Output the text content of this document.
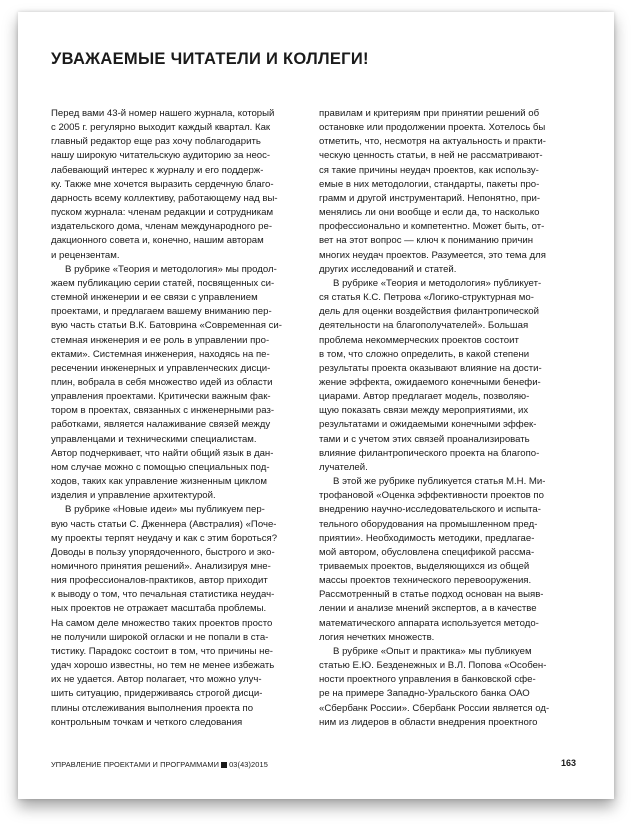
УВАЖАЕМЫЕ ЧИТАТЕЛИ И КОЛЛЕГИ!

Перед вами 43-й номер нашего журнала, который
с 2005 г. регулярно выходит каждый квартал. Как
главный редактор еще раз хочу поблагодарить
нашу широкую читательскую аудиторию за неос-
лабевающий интерес к журналу и его поддерж-
ку. Также мне хочется выразить сердечную благо-
дарность всему коллективу, работающему над вы-
пуском журнала: членам редакции и сотрудникам
издательского дома, членам международного ре-
дакционного совета и, конечно, нашим авторам
и рецензентам.

В рубрике «Теория и методология» мы продол-
жаем публикацию серии статей, посвященных си-
стемной инженерии и ее связи с управлением
проектами, и предлагаем вашему вниманию пер-
вую часть статьи В.К. Батоврина «Современная си-
стемная инженерия и ее роль в управлении про-
ектами». Системная инженерия, находясь на пе-
ресечении инженерных и управленческих дисци-
плин, вобрала в себя множество идей из области
управления проектами. Критически важным фак-
тором в проектах, связанных с инженерными раз-
работками, является налаживание связей между
управленцами и техническими специалистам.
Автор подчеркивает, что найти общий язык в дан-
ном случае можно с помощью специальных под-
ходов, таких как управление жизненным циклом
изделия и управление архитектурой.

В рубрике «Новые идеи» мы публикуем пер-
вую часть статьи С. Дженнера (Австралия) «Поче-
му проекты терпят неудачу и как с этим бороться?
Доводы в пользу упорядоченного, быстрого и эко-
номичного принятия решений». Анализируя мне-
ния профессионалов-практиков, автор приходит
к выводу о том, что печальная статистика неудач-
ных проектов не отражает масштаба проблемы.
На самом деле множество таких проектов просто
не получили широкой огласки и не попали в ста-
тистику. Парадокс состоит в том, что причины не-
удач хорошо известны, но тем не менее избежать
их не удается. Автор полагает, что можно улуч-
шить ситуацию, придерживаясь строгой дисци-
плины отслеживания выполнения проекта по
контрольным точкам и четкого следования

правилам и критериям при принятии решений об
остановке или продолжении проекта. Хотелось бы
отметить, что, несмотря на актуальность и практи-
ческую ценность статьи, в ней не рассматривают-
ся такие причины неудач проектов, как использу-
емые в них методологии, стандарты, пакеты про-
грамм и другой инструментарий. Непонятно, при-
менялись ли они вообще и если да, то насколько
профессионально и компетентно. Может быть, от-
вет на этот вопрос — ключ к пониманию причин
многих неудач проектов. Разумеется, это тема для
других исследований и статей.

В рубрике «Теория и методология» публикует-
ся статья К.С. Петрова «Логико-структурная мо-
дель для оценки воздействия филантропической
деятельности на благополучателей». Большая
проблема некоммерческих проектов состоит
в том, что сложно определить, в какой степени
результаты проекта оказывают влияние на дости-
жение эффекта, ожидаемого конечными бенефи-
циарами. Автор предлагает модель, позволяю-
щую показать связи между мероприятиями, их
результатами и ожидаемыми конечными эффек-
тами и с учетом этих связей проанализировать
влияние филантропического проекта на благопо-
лучателей.

В этой же рубрике публикуется статья М.Н. Ми-
трофановой «Оценка эффективности проектов по
внедрению научно-исследовательского и испыта-
тельного оборудования на промышленном пред-
приятии». Необходимость методики, предлагае-
мой автором, обусловлена спецификой рассма-
триваемых проектов, выделяющихся из общей
массы проектов технического перевооружения.
Рассмотренный в статье подход основан на выяв-
лении и анализе мнений экспертов, а в качестве
математического аппарата используется методо-
логия нечетких множеств.

В рубрике «Опыт и практика» мы публикуем
статью Е.Ю. Безденежных и В.Л. Попова «Особен-
ности проектного управления в банковской сфе-
ре на примере Западно-Уральского банка ОАО
«Сбербанк России». Сбербанк России является од-
ним из лидеров в области внедрения проектного

УПРАВЛЕНИЕ ПРОЕКТАМИ И ПРОГРАММАМИ 03(43)2015	163
